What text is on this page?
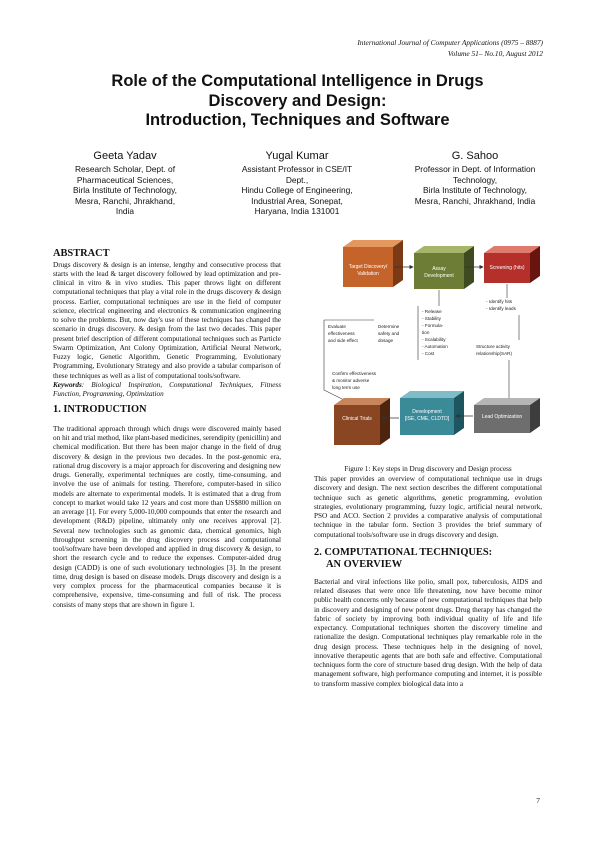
International Journal of Computer Applications (0975 – 8887)
Volume 51– No.10, August 2012
Role of the Computational Intelligence in Drugs
Discovery and Design:
Introduction, Techniques and Software
Geeta Yadav
Research Scholar, Dept. of
Pharmaceutical Sciences,
Birla Institute of Technology,
Mesra, Ranchi, Jhrakhand,
India
Yugal Kumar
Assistant Professor in CSE/IT
Dept.,
Hindu College of Engineering,
Industrial Area, Sonepat,
Haryana, India 131001
G. Sahoo
Professor in Dept. of Information
Technology,
Birla Institute of Technology,
Mesra, Ranchi, Jhrakhand, India
ABSTRACT

Drugs discovery & design is an intense, lengthy and consecutive process that starts with the lead & target discovery followed by lead optimization and pre-clinical in vitro & in vivo studies. This paper throws light on different computational techniques that play a vital role in the drugs discovery & design process. Earlier, computational techniques are use in the field of computer science, electrical engineering and electronics & communication engineering to solve the problems. But, now day's use of these techniques has changed the scenario in drugs discovery. & design from the last two decades. This paper present brief description of different computational techniques such as Particle Swarm Optimization, Ant Colony Optimization, Artificial Neural Network, Fuzzy logic, Genetic Algorithm, Genetic Programming, Evolutionary Programming, Evolutionary Strategy and also provide a tabular comparison of these techniques as well as a list of computational tools/software.

Keywords: Biological Inspiration, Computational Techniques, Fitness Function, Programming, Optimization

1. INTRODUCTION

The traditional approach through which drugs were discovered mainly based on hit and trial method, like plant-based medicines, serendipity (penicillin) and chemical modification. But there has been major change in the field of drug discovery & design in the previous two decades. In the post-genomic era, rational drug discovery is a major approach for discovering and designing new drugs. Generally, experimental techniques are costly, time-consuming, and involve the use of animals for testing. Therefore, computer-based in silico models are alternate to experimental models. It is estimated that a drug from concept to market would take 12 years and cost more than US$800 million on an average [1]. For every 5,000-10,000 compounds that enter the research and development (R&D) pipeline, ultimately only one receives approval [2]. Several new technologies such as genomic data, chemical genomics, high throughput screening in the drug discovery process and computational tool/software have been developed and applied in drug discovery & design, to short the research cycle and to reduce the expenses. Computer-aided drug design (CADD) is one of such evolutionary technologies [3]. In the present time, drug design is based on disease models. Drugs discovery and design is a very complex process for the pharmaceutical companies because it is comprehensive, expensive, time-consuming and full of risk. The process consists of many steps that are shown in figure 1.

Target Discovery/
Validation
Assay
Development
Screening (hits)
Evaluate
effectiveness
and side effect
Determine
safety and
dosage
- Release
- Stability
- Formula-
tion
- Scalability
- Automation
- Cost
- Identify hits
- Identify leads
Structure activity
relationship(SAR)
Confirm effectiveness
& monitor adverse
long term use
Clinical Trials
Development
[ISE, CME, CLDTD]	Lead Optimization
Figure 1: Key steps in Drug discovery and Design process

This paper provides an overview of computational technique use in drugs discovery and design. The next section describes the different computational technique such as genetic algorithms, genetic programming, evolution strategies, evolutionary programming, fuzzy logic, artificial neural network, PSO and ACO. Section 2 provides a comparative analysis of computational technique in the tabular form. Section 3 provides the brief summary of computational tools/software use in drugs discovery and design.

2. COMPUTATIONAL TECHNIQUES:
AN OVERVIEW

Bacterial and viral infections like polio, small pox, tuberculosis, AIDS and related diseases that were once life threatening, now have become minor public health concerns only because of new computational techniques that help in discovery and designing of new potent drugs. Drug therapy has changed the fabric of society by improving both individual quality of life and life expectancy. Computational techniques shorten the discovery timeline and rationalize the design. Computational techniques play remarkable role in the drug design process. These techniques help in the designing of novel, innovative therapeutic agents that are both safe and effective. Computational techniques form the core of structure based drug design. With the help of data management software, high performance computing and internet, it is possible to transform massive complex biological data into a

7
